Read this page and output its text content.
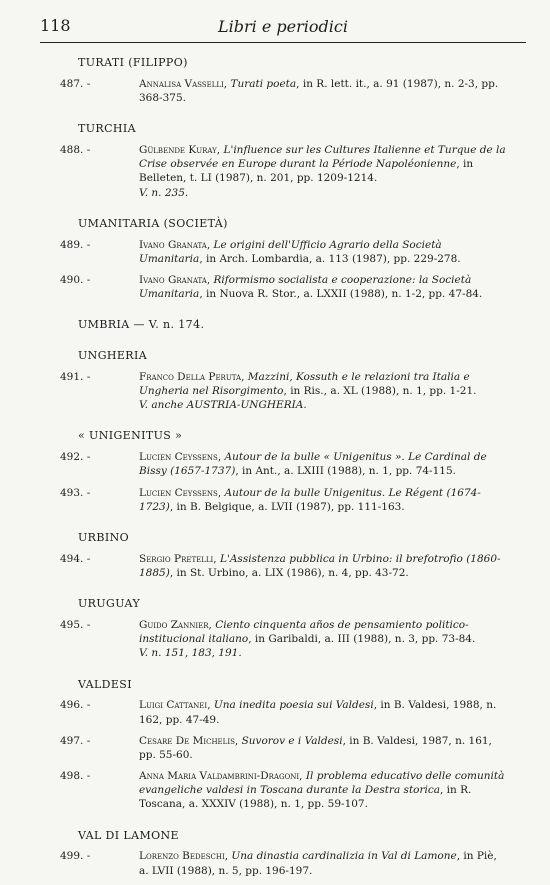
118	Libri e periodici
TURATI (FILIPPO)
487. -	Annalisa Vasselli, Turati poeta, in R. lett. it., a. 91 (1987), n. 2-3, pp. 368-375.
TURCHIA
488. -	Gülbende Kuray, L'influence sur les Cultures Italienne et Turque de la Crise observée en Europe durant la Période Napoléonienne, in Belleten, t. LI (1987), n. 201, pp. 1209-1214.
V. n. 235.
UMANITARIA (SOCIETÀ)
489. -	Ivano Granata, Le origini dell'Ufficio Agrario della Società Umanitaria, in Arch. Lombardia, a. 113 (1987), pp. 229-278.
490. -	Ivano Granata, Riformismo socialista e cooperazione: la Società Umanitaria, in Nuova R. Stor., a. LXXII (1988), n. 1-2, pp. 47-84.
UMBRIA — V. n. 174.
UNGHERIA
491. -	Franco Della Peruta, Mazzini, Kossuth e le relazioni tra Italia e Ungheria nel Risorgimento, in Ris., a. XL (1988), n. 1, pp. 1-21.
V. anche AUSTRIA-UNGHERIA.
« UNIGENITUS »
492. -	Lucien Ceyssens, Autour de la bulle « Unigenitus ». Le Cardinal de Bissy (1657-1737), in Ant., a. LXIII (1988), n. 1, pp. 74-115.
493. -	Lucien Ceyssens, Autour de la bulle Unigenitus. Le Régent (1674-1723), in B. Belgique, a. LVII (1987), pp. 111-163.
URBINO
494. -	Sergio Pretelli, L'Assistenza pubblica in Urbino: il brefotrofio (1860-1885), in St. Urbino, a. LIX (1986), n. 4, pp. 43-72.
URUGUAY
495. -	Guido Zannier, Ciento cinquenta años de pensamiento politico-institucional italiano, in Garibaldi, a. III (1988), n. 3, pp. 73-84.
V. n. 151, 183, 191.
VALDESI
496. -	Luigi Cattanei, Una inedita poesia sui Valdesi, in B. Valdesi, 1988, n. 162, pp. 47-49.
497. -	Cesare De Michelis, Suvorov e i Valdesi, in B. Valdesi, 1987, n. 161, pp. 55-60.
498. -	Anna Maria Valdambrini-Dragoni, Il problema educativo delle comunità evangeliche valdesi in Toscana durante la Destra storica, in R. Toscana, a. XXXIV (1988), n. 1, pp. 59-107.
VAL DI LAMONE
499. -	Lorenzo Bedeschi, Una dinastia cardinalizia in Val di Lamone, in Piè, a. LVII (1988), n. 5, pp. 196-197.
